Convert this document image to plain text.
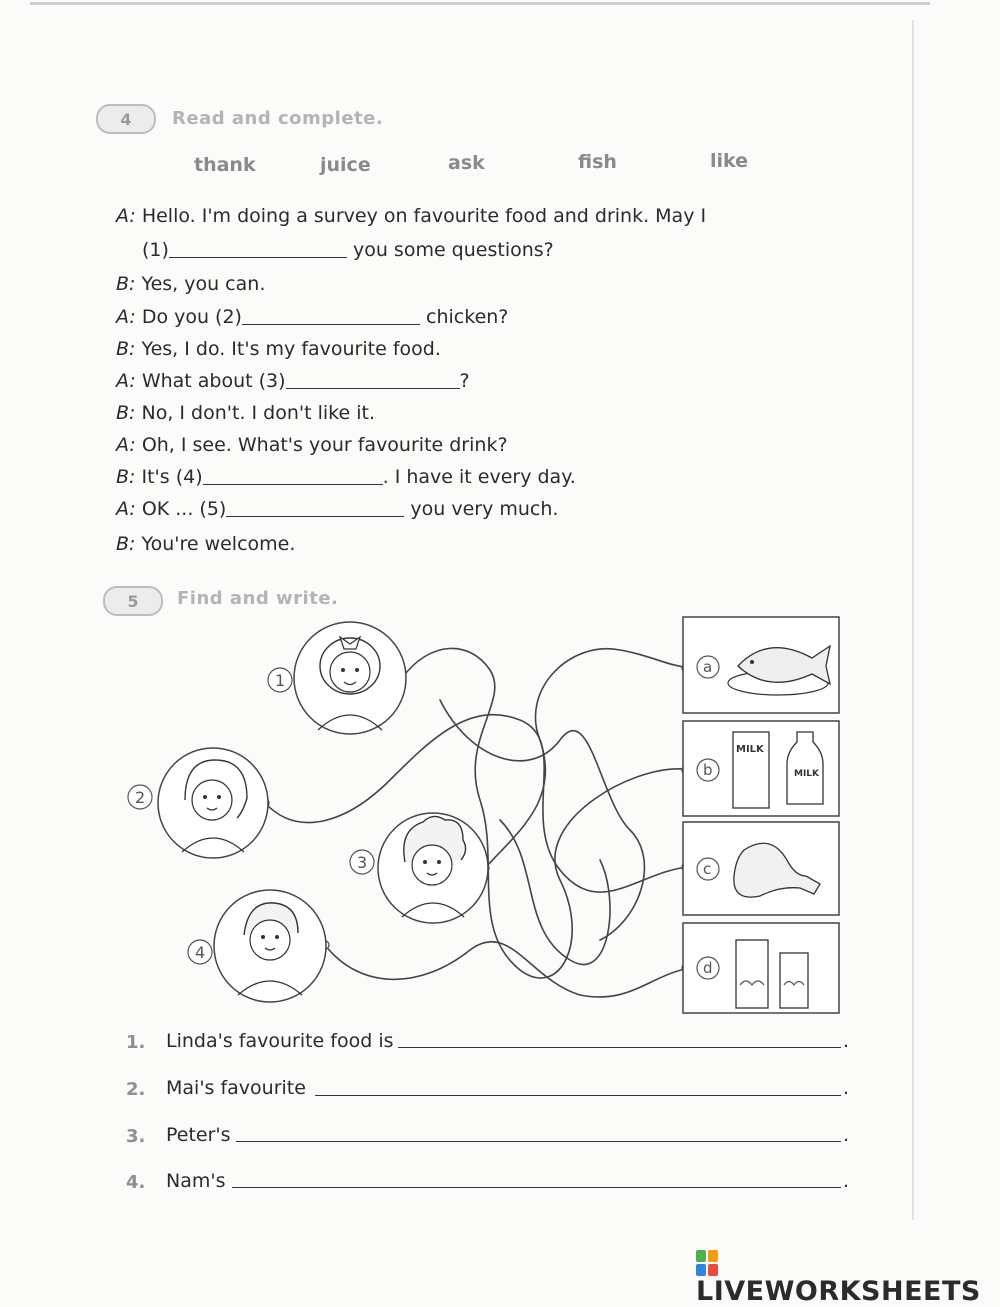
4 Read and complete.
thank	juice	ask	fish	like
A: Hello. I'm doing a survey on favourite food and drink. May I
(1)	you some questions?
B: Yes, you can.
A: Do you (2)	chicken?
B: Yes, I do. It's my favourite food.
A: What about (3)	?
B: No, I don't. I don't like it.
A: Oh, I see. What's your favourite drink?
B: It's (4)	. I have it every day.
A: OK ... (5)	you very much.
B: You're welcome.
5 Find and write.
1
2
3
4
a
MILK
MILK
b
c
d
1. Linda's favourite food is	.
2. Mai's favourite	.
3. Peter's	.
4. Nam's	.
LIVEWORKSHEETS
